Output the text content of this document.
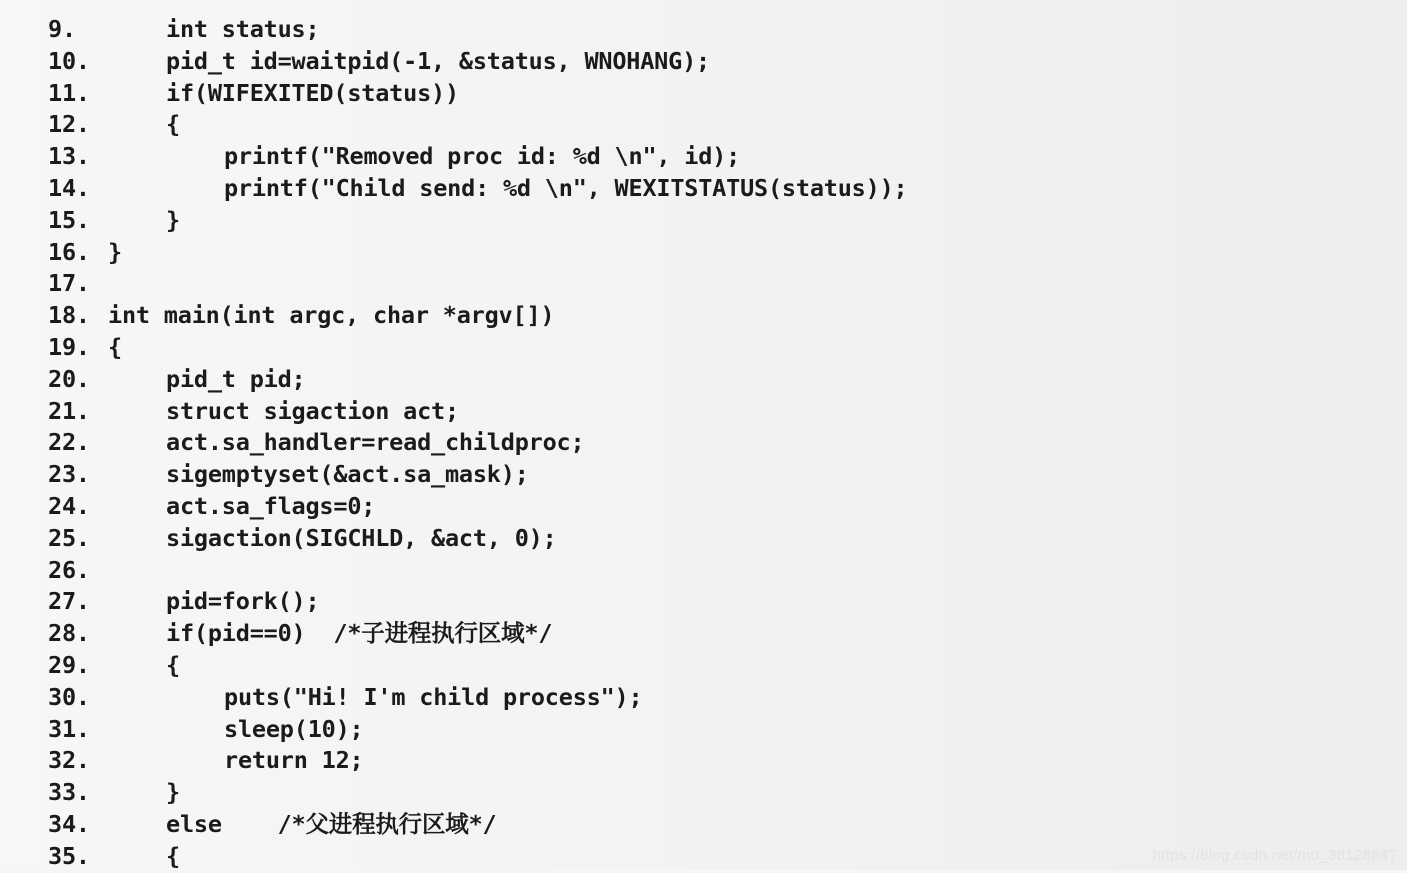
9.	int status;
10.	pid_t id=waitpid(-1, &status, WNOHANG);
11.	if(WIFEXITED(status))
12.	{
13.	printf("Removed proc id: %d \n", id);
14.	printf("Child send: %d \n", WEXITSTATUS(status));
15.	}
16. }
17.
18. int main(int argc, char *argv[])
19. {
20.	pid_t pid;
21.	struct sigaction act;
22.	act.sa_handler=read_childproc;
23.	sigemptyset(&act.sa_mask);
24.	act.sa_flags=0;
25.	sigaction(SIGCHLD, &act, 0);
26.
27.	pid=fork();
28.	if(pid==0)  /*子进程执行区域*/
29.	{
30.	puts("Hi! I'm child process");
31.	sleep(10);
32.	return 12;
33.	}
34.	else    /*父进程执行区域*/
35.	{	https://blog.csdn.net/m0_38128647
